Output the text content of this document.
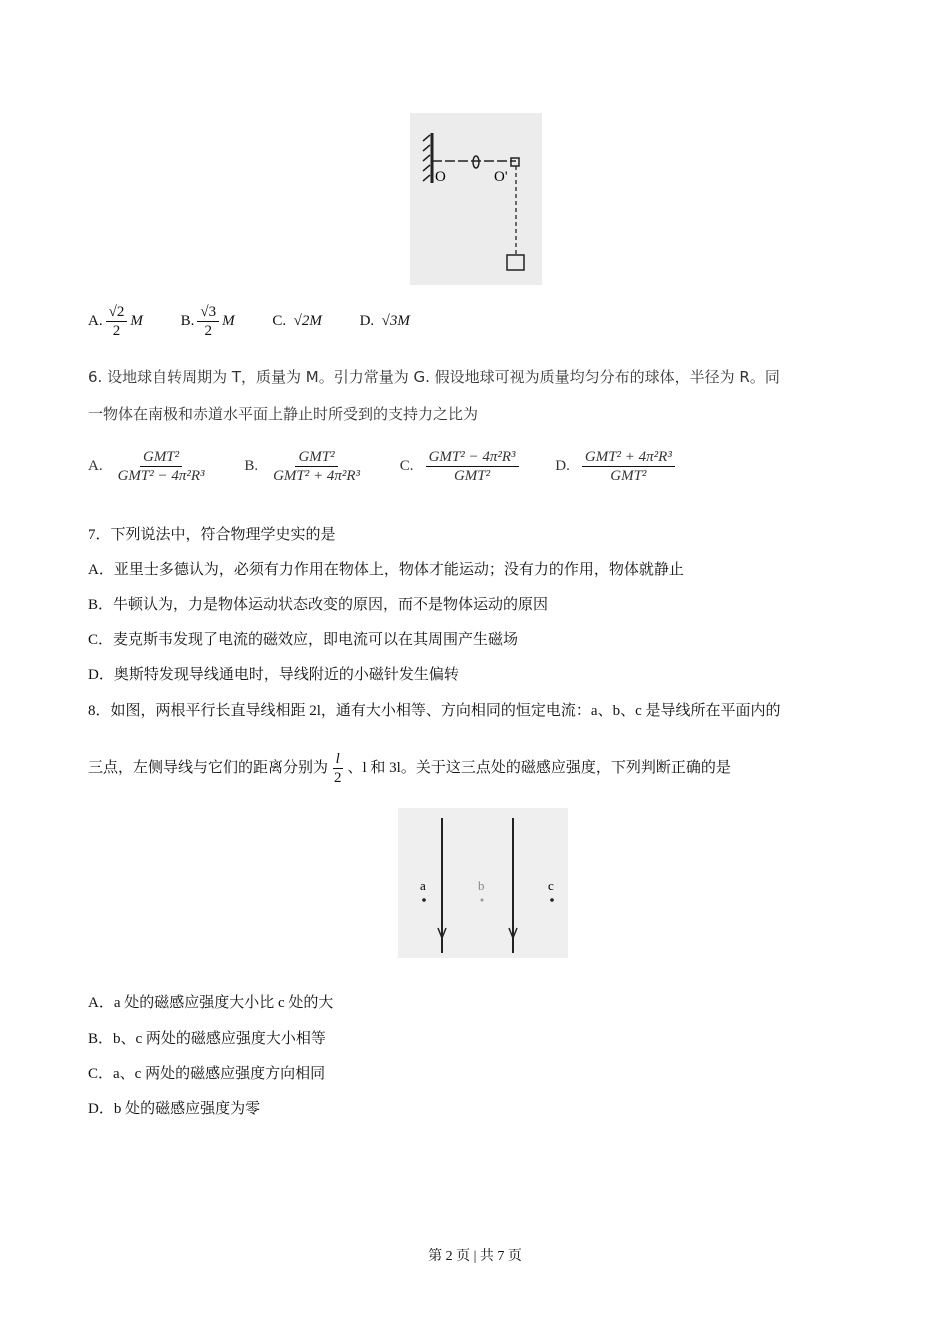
O	O'
A. $\frac{√2}{2}$ M
	B. $\frac{√3}{2}$ M
	C.
√2M
	D.
√3M
6. 设地球自转周期为 T，质量为 M。引力常量为 G. 假设地球可视为质量均匀分布的球体，半径为 R。同
一物体在南极和赤道水平面上静止时所受到的支持力之比为
A. $\frac{\text{GMT²}}{\text{GMT² − 4π²R³}}$
B. $\frac{\text{GMT²}}{\text{GMT² + 4π²R³}}$
C. $\frac{\text{GMT² − 4π²R³}}{\text{GMT²}}$
D. $\frac{\text{GMT² + 4π²R³}}{\text{GMT²}}$
7．下列说法中，符合物理学史实的是
A．亚里士多德认为，必须有力作用在物体上，物体才能运动；没有力的作用，物体就静止
B．牛顿认为，力是物体运动状态改变的原因，而不是物体运动的原因
C．麦克斯韦发现了电流的磁效应，即电流可以在其周围产生磁场
D．奥斯特发现导线通电时，导线附近的小磁针发生偏转
8．如图，两根平行长直导线相距 2l，通有大小相等、方向相同的恒定电流：a、b、c 是导线所在平面内的
三点，左侧导线与它们的距离分别为 $\frac{l}{2}$ 、l 和 3l。关于这三点处的磁感应强度，下列判断正确的是
a	b	c
A．a 处的磁感应强度大小比 c 处的大
B．b、c 两处的磁感应强度大小相等
C．a、c 两处的磁感应强度方向相同
D．b 处的磁感应强度为零
第 2 页 | 共 7 页
